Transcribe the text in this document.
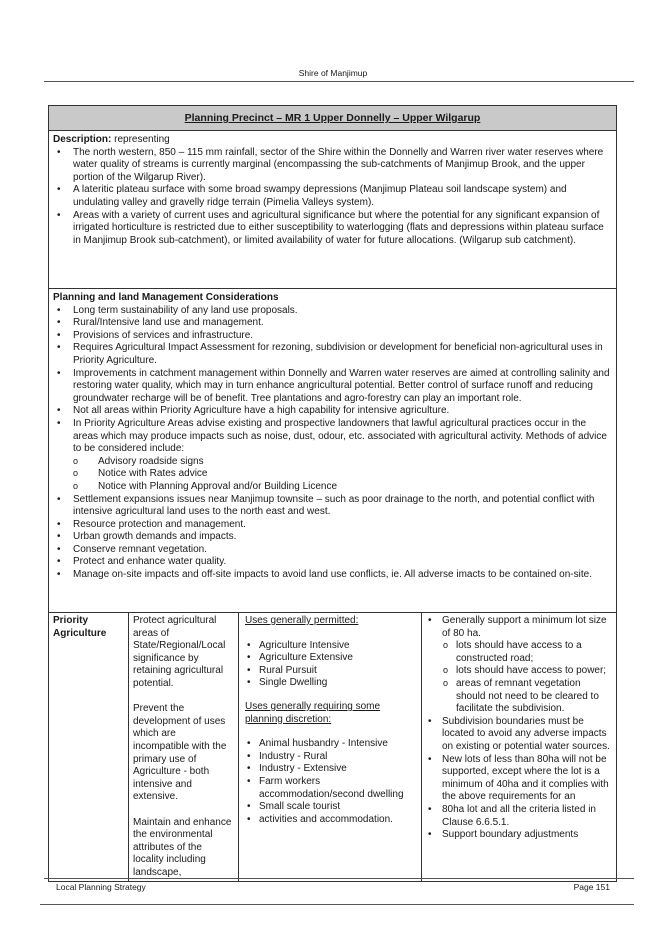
Shire of Manjimup
Planning Precinct – MR 1 Upper Donnelly – Upper Wilgarup
Description: representing
• The north western, 850 – 115 mm rainfall, sector of the Shire within the Donnelly and Warren river water reserves where water quality of streams is currently marginal (encompassing the sub-catchments of Manjimup Brook, and the upper portion of the Wilgarup River).
• A lateritic plateau surface with some broad swampy depressions (Manjimup Plateau soil landscape system) and undulating valley and gravelly ridge terrain (Pimelia Valleys system).
• Areas with a variety of current uses and agricultural significance but where the potential for any significant expansion of irrigated horticulture is restricted due to either susceptibility to waterlogging (flats and depressions within plateau surface in Manjimup Brook sub-catchment), or limited availability of water for future allocations. (Wilgarup sub catchment).
Planning and land Management Considerations
• Long term sustainability of any land use proposals.
• Rural/Intensive land use and management.
• Provisions of services and infrastructure.
• Requires Agricultural Impact Assessment for rezoning, subdivision or development for beneficial non-agricultural uses in Priority Agriculture.
• Improvements in catchment management within Donnelly and Warren water reserves are aimed at controlling salinity and restoring water quality, which may in turn enhance angricultural potential. Better control of surface runoff and reducing groundwater recharge will be of benefit. Tree plantations and agro-forestry can play an important role.
• Not all areas within Priority Agriculture have a high capability for intensive agriculture.
• In Priority Agriculture Areas advise existing and prospective landowners that lawful agricultural practices occur in the areas which may produce impacts such as noise, dust, odour, etc. associated with agricultural activity. Methods of advice to be considered include:
o Advisory roadside signs
o Notice with Rates advice
o Notice with Planning Approval and/or Building Licence
• Settlement expansions issues near Manjimup townsite – such as poor drainage to the north, and potential conflict with intensive agricultural land uses to the north east and west.
• Resource protection and management.
• Urban growth demands and impacts.
• Conserve remnant vegetation.
• Protect and enhance water quality.
• Manage on-site impacts and off-site impacts to avoid land use conflicts, ie. All adverse imacts to be contained on-site.
Priority Agriculture

Protect agricultural areas of State/Regional/Local significance by retaining agricultural potential.

Prevent the development of uses which are incompatible with the primary use of Agriculture - both intensive and extensive.

Maintain and enhance the environmental attributes of the locality including landscape,

Uses generally permitted:
• Agriculture Intensive
• Agriculture Extensive
• Rural Pursuit
• Single Dwelling
Uses generally requiring some planning discretion:
• Animal husbandry - Intensive
• Industry - Rural
• Industry - Extensive
• Farm workers accommodation/second dwelling
• Small scale tourist
• activities and accommodation.
• Generally support a minimum lot size of 80 ha.
o lots should have access to a constructed road;
o lots should have access to power;
o areas of remnant vegetation should not need to be cleared to facilitate the subdivision.
• Subdivision boundaries must be located to avoid any adverse impacts on existing or potential water sources.
• New lots of less than 80ha will not be supported, except where the lot is a minimum of 40ha and it complies with the above requirements for an
• 80ha lot and all the criteria listed in Clause 6.6.5.1.
• Support boundary adjustments
Local Planning Strategy	Page 151
